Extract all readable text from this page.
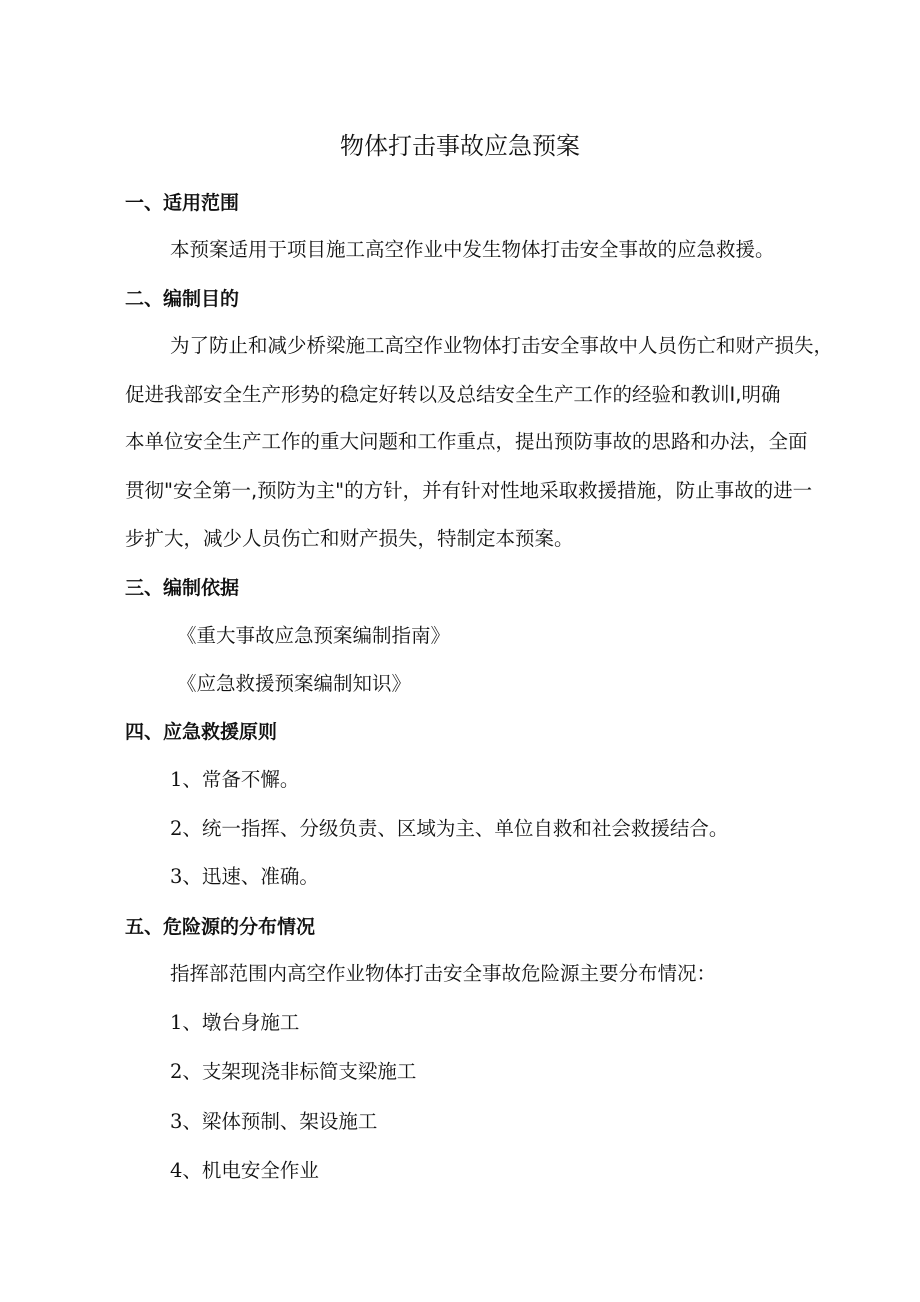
物体打击事故应急预案
一、适用范围
本预案适用于项目施工高空作业中发生物体打击安全事故的应急救援。
二、编制目的
为了防止和减少桥梁施工高空作业物体打击安全事故中人员伤亡和财产损失，
促进我部安全生产形势的稳定好转以及总结安全生产工作的经验和教训Ⅰ,明确
本单位安全生产工作的重大问题和工作重点，提出预防事故的思路和办法，全面
贯彻"安全第一,预防为主"的方针，并有针对性地采取救援措施，防止事故的进一
步扩大，减少人员伤亡和财产损失，特制定本预案。
三、编制依据
《重大事故应急预案编制指南》
《应急救援预案编制知识》
四、应急救援原则
1、常备不懈。
2、统一指挥、分级负责、区域为主、单位自救和社会救援结合。
3、迅速、准确。
五、危险源的分布情况
指挥部范围内高空作业物体打击安全事故危险源主要分布情况：
1、墩台身施工
2、支架现浇非标简支梁施工
3、梁体预制、架设施工
4、机电安全作业
